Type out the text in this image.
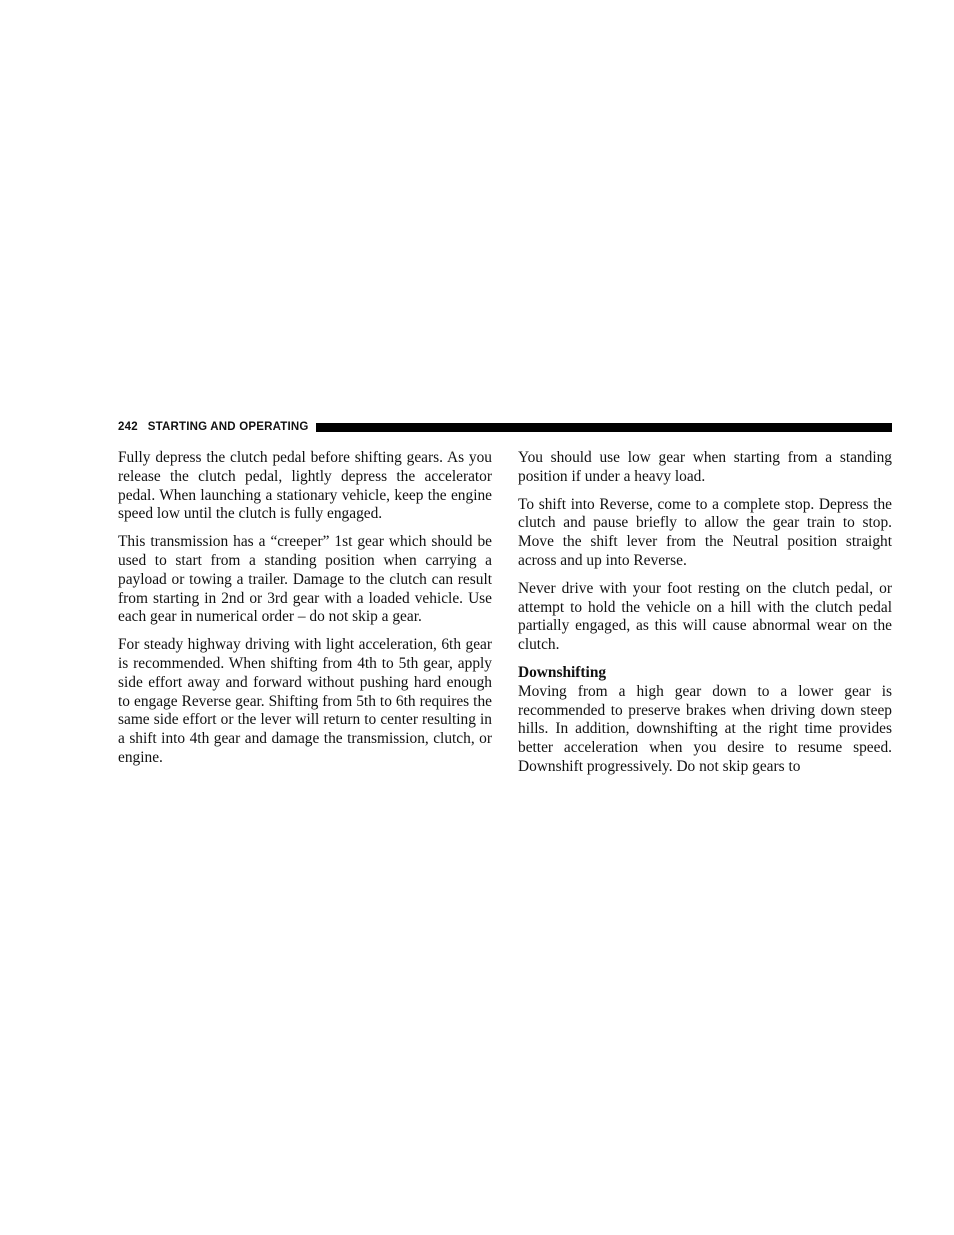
242 STARTING AND OPERATING

Fully depress the clutch pedal before shifting gears. As you release the clutch pedal, lightly depress the accelerator pedal. When launching a stationary vehicle, keep the engine speed low until the clutch is fully engaged.

This transmission has a “creeper” 1st gear which should be used to start from a standing position when carrying a payload or towing a trailer. Damage to the clutch can result from starting in 2nd or 3rd gear with a loaded vehicle. Use each gear in numerical order – do not skip a gear.

For steady highway driving with light acceleration, 6th gear is recommended. When shifting from 4th to 5th gear, apply side effort away and forward without pushing hard enough to engage Reverse gear. Shifting from 5th to 6th requires the same side effort or the lever will return to center resulting in a shift into 4th gear and damage the transmission, clutch, or engine.

You should use low gear when starting from a standing position if under a heavy load.

To shift into Reverse, come to a complete stop. Depress the clutch and pause briefly to allow the gear train to stop. Move the shift lever from the Neutral position straight across and up into Reverse.

Never drive with your foot resting on the clutch pedal, or attempt to hold the vehicle on a hill with the clutch pedal partially engaged, as this will cause abnormal wear on the clutch.

Downshifting

Moving from a high gear down to a lower gear is recommended to preserve brakes when driving down steep hills. In addition, downshifting at the right time provides better acceleration when you desire to resume speed. Downshift progressively. Do not skip gears to
